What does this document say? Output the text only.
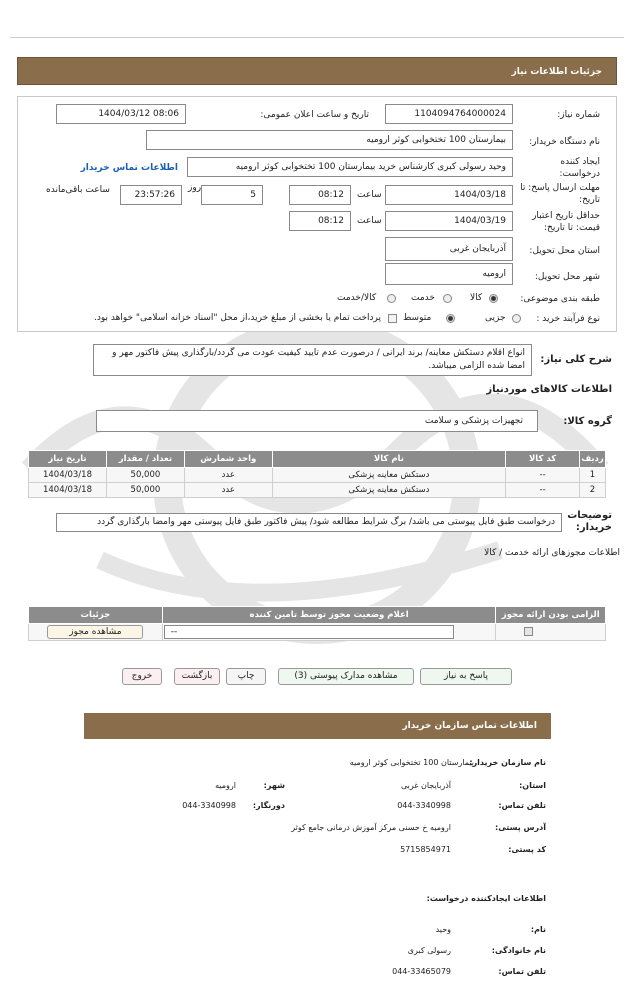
جزئیات اطلاعات نیاز
شماره نیاز:
1104094764000024
تاریخ و ساعت اعلان عمومی:
1404/03/12 08:06
نام دستگاه خریدار:
بیمارستان 100 تختخوابی کوثر ارومیه
ایجاد کننده
درخواست:
وحید رسولی کبری کارشناس خرید بیمارستان 100 تختخوابی کوثر ارومیه
اطلاعات تماس خریدار
مهلت ارسال پاسخ: تا
تاریخ:
1404/03/18
ساعت
08:12
5
روز
23:57:26
ساعت باقی‌مانده
حداقل تاریخ اعتبار
قیمت: تا تاریخ:
1404/03/19
ساعت
08:12
استان محل تحویل:
آذربایجان غربی
شهر محل تحویل:
ارومیه
طبقه بندی موضوعی:
کالا
خدمت
کالا/خدمت
نوع فرآیند خرید :
جزیی
متوسط
پرداخت تمام یا بخشی از مبلغ خرید،از محل "اسناد خزانه اسلامی" خواهد بود.
شرح کلی نیاز:
انواع اقلام دستکش معاینه/ برند ایرانی / درصورت عدم تایید کیفیت عودت می گردد/بارگذاری پیش فاکتور مهر و امضا شده الزامی میباشد.
اطلاعات کالاهای موردنیاز
گروه کالا:
تجهیزات پزشکی و سلامت
ردیف	کد کالا	نام کالا	واحد شمارش	تعداد / مقدار	تاریخ نیاز
1	--	دستکش معاینه پزشکی	عدد	50,000	1404/03/18
2	--	دستکش معاینه پزشکی	عدد	50,000	1404/03/18
توضیحات
خریدار:
درخواست طبق فایل پیوستی می باشد/ برگ شرایط مطالعه شود/ پیش فاکتور طبق فایل پیوستی مهر وامضا بارگذاری گردد
اطلاعات مجوزهای ارائه خدمت / کالا
الزامی بودن ارائه مجوز	اعلام وضعیت مجوز توسط تامین کننده	جزئیات

	--	مشاهده مجوز
پاسخ به نیاز
مشاهده مدارک پیوستی (3)
چاپ
بازگشت
خروج
اطلاعات تماس سازمان خریدار
نام سازمان خریدار:
بیمارستان 100 تختخوابی کوثر ارومیه
استان:
آذربایجان غربی
شهر:
ارومیه
تلفن تماس:
044-3340998
دورنگار:
044-3340998
آدرس پستی:
ارومیه خ حسنی مرکز آموزش درمانی جامع کوثر
کد پستی:
5715854971
اطلاعات ایجادکننده درخواست:
نام:
وحید
نام خانوادگی:
رسولی کبری
تلفن تماس:
044-33465079
